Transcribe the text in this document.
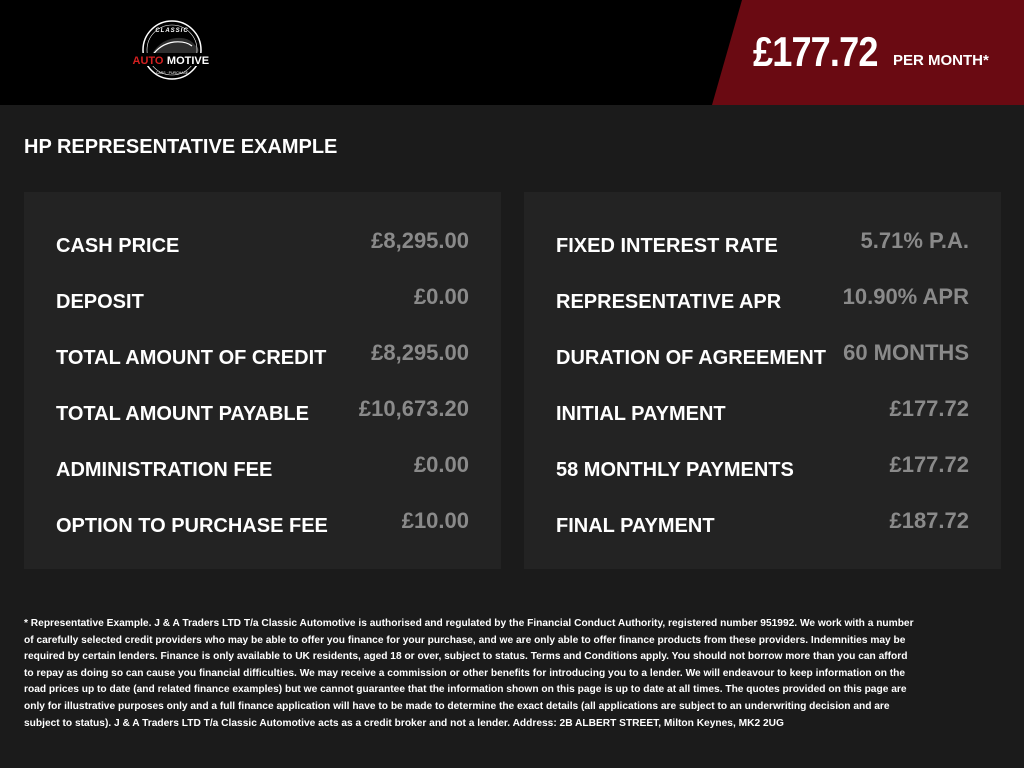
CLASSIC
AUTO MOTIVE
CARS · PURCHASE	£177.72 PER MONTH*
HP REPRESENTATIVE EXAMPLE
CASH PRICE	£8,295.00
DEPOSIT	£0.00
TOTAL AMOUNT OF CREDIT £8,295.00
TOTAL AMOUNT PAYABLE £10,673.20
ADMINISTRATION FEE	£0.00
OPTION TO PURCHASE FEE	£10.00
FIXED INTEREST RATE	5.71% P.A.
REPRESENTATIVE APR	10.90% APR
DURATION OF AGREEMENT 60 MONTHS
INITIAL PAYMENT	£177.72
58 MONTHLY PAYMENTS	£177.72
FINAL PAYMENT	£187.72
* Representative Example. J & A Traders LTD T/a Classic Automotive is authorised and regulated by the Financial Conduct Authority, registered number 951992. We work with a number of carefully selected credit providers who may be able to offer you finance for your purchase, and we are only able to offer finance products from these providers. Indemnities may be required by certain lenders. Finance is only available to UK residents, aged 18 or over, subject to status. Terms and Conditions apply. You should not borrow more than you can afford to repay as doing so can cause you financial difficulties. We may receive a commission or other benefits for introducing you to a lender. We will endeavour to keep information on the road prices up to date (and related finance examples) but we cannot guarantee that the information shown on this page is up to date at all times. The quotes provided on this page are only for illustrative purposes only and a full finance application will have to be made to determine the exact details (all applications are subject to an underwriting decision and are subject to status). J & A Traders LTD T/a Classic Automotive acts as a credit broker and not a lender. Address: 2B ALBERT STREET, Milton Keynes, MK2 2UG
